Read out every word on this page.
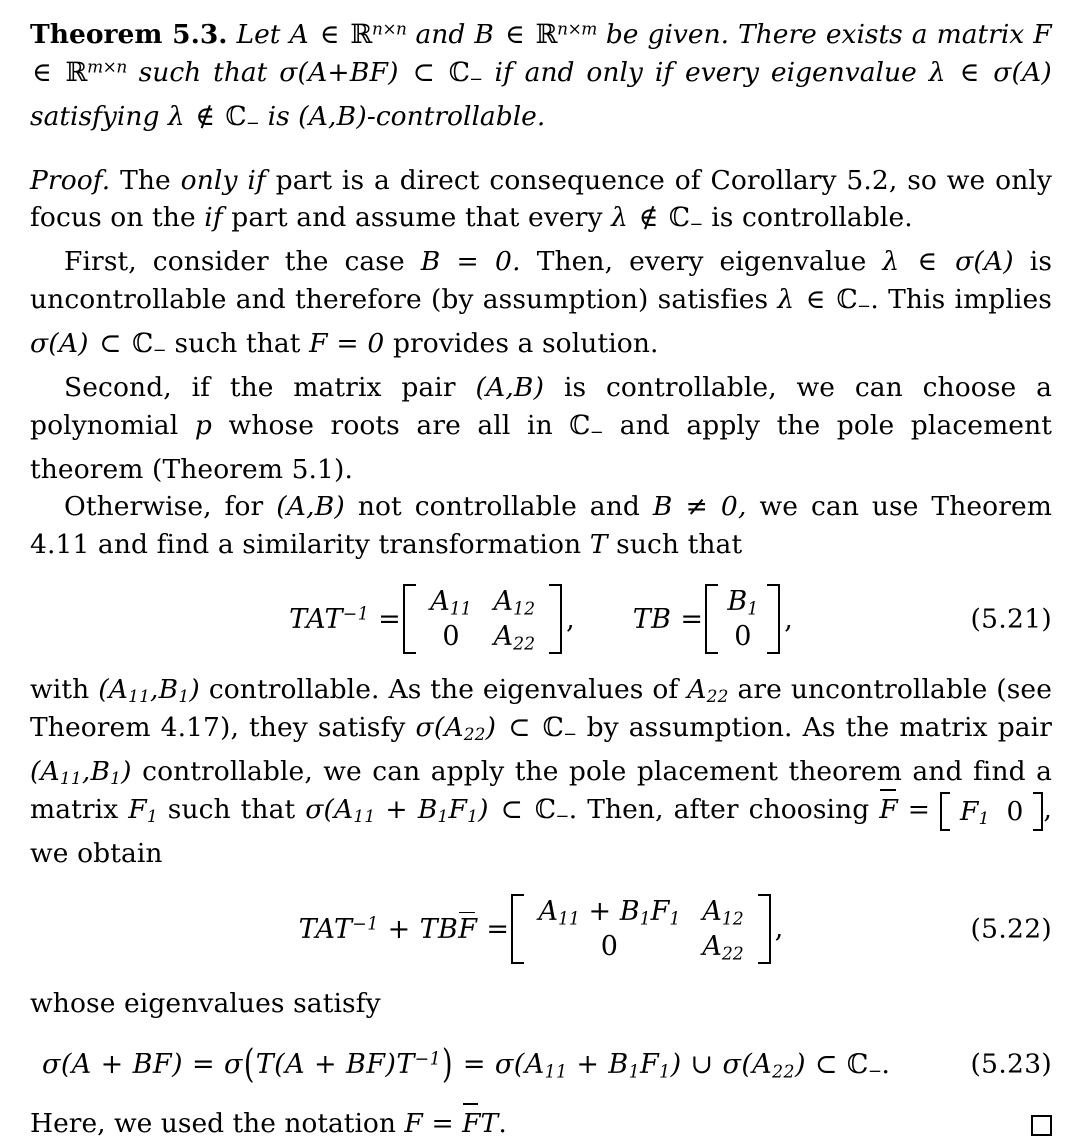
Theorem 5.3. Let A ∈ ℝ$^{n\times n}$ and B ∈ ℝ$^{n\times m}$ be given. There exists a matrix F ∈ ℝ$^{m\times n}$ such that σ(A+BF) ⊂ ℂ− if and only if every eigenvalue λ ∈ σ(A) satisfying λ ∉ ℂ− is (A,B)-controllable.
Proof. The only if part is a direct consequence of Corollary 5.2, so we only focus on the if part and assume that every λ ∉ ℂ− is controllable.
First, consider the case B = 0. Then, every eigenvalue λ ∈ σ(A) is uncontrollable and therefore (by assumption) satisfies λ ∈ ℂ−. This implies σ(A) ⊂ ℂ− such that F = 0 provides a solution.
Second, if the matrix pair (A,B) is controllable, we can choose a polynomial p whose roots are all in ℂ− and apply the pole placement theorem (Theorem 5.1).
Otherwise, for (A,B) not controllable and B ≠ 0, we can use Theorem 4.11 and find a similarity transformation T such that
$TAT^{-1}$ =
$A_{11}$	$A_{12}$
0	$A_{22}$
, TB =
$B_1$
0
,	(5.21)
with $(A_{11},B_1)$ controllable. As the eigenvalues of $A_{22}$ are uncontrollable (see Theorem 4.17), they satisfy $\sigma(A_{22})$ ⊂ ℂ− by assumption. As the matrix pair $(A_{11},B_1)$ controllable, we can apply the pole placement theorem and find a matrix $F_1$ such that $\sigma(A_{11} + B_1F_1)$ ⊂ ℂ−. Then, after choosing $F = F_1$ 0 , we obtain
$TAT^{-1}$ + TBF =
$A_{11} + B_1F_1$	$A_{12}$
0	$A_{22}$
,	(5.22)
whose eigenvalues satisfy
$\sigma(A + BF) = \sigma(T(A + BF)T^{-1}) = \sigma(A_{11} + B_1F_1)$ ∪ $\sigma(A_{22})$ ⊂ ℂ−.	(5.23)
Here, we used the notation F = FT.
